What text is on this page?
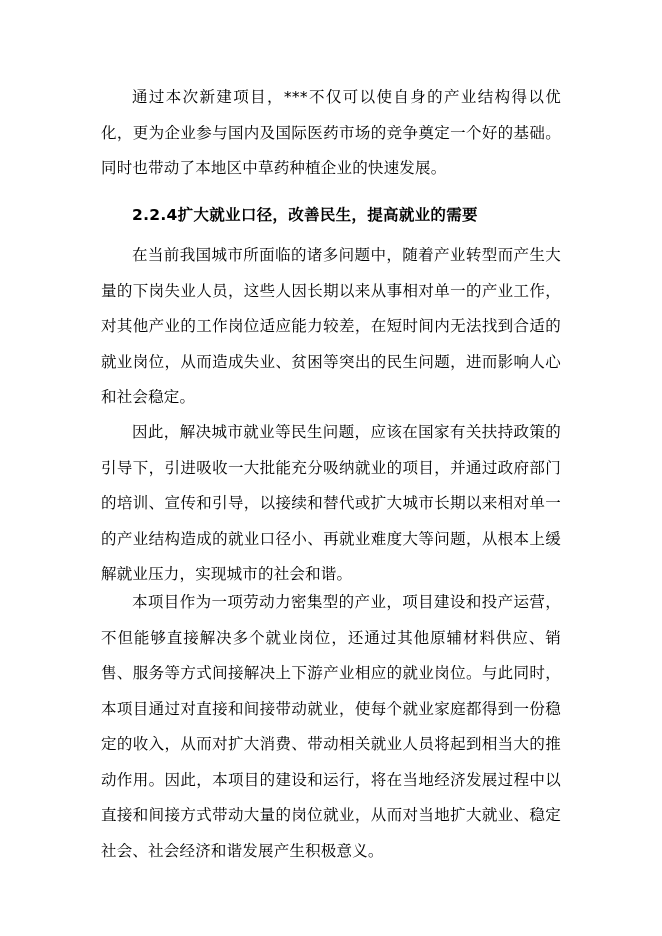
通过本次新建项目，***不仅可以使自身的产业结构得以优化，更为企业参与国内及国际医药市场的竞争奠定一个好的基础。同时也带动了本地区中草药种植企业的快速发展。

2.2.4扩大就业口径，改善民生，提高就业的需要

在当前我国城市所面临的诸多问题中，随着产业转型而产生大量的下岗失业人员，这些人因长期以来从事相对单一的产业工作，对其他产业的工作岗位适应能力较差，在短时间内无法找到合适的就业岗位，从而造成失业、贫困等突出的民生问题，进而影响人心和社会稳定。

因此，解决城市就业等民生问题，应该在国家有关扶持政策的引导下，引进吸收一大批能充分吸纳就业的项目，并通过政府部门的培训、宣传和引导，以接续和替代或扩大城市长期以来相对单一的产业结构造成的就业口径小、再就业难度大等问题，从根本上缓解就业压力，实现城市的社会和谐。

本项目作为一项劳动力密集型的产业，项目建设和投产运营，不但能够直接解决多个就业岗位，还通过其他原辅材料供应、销售、服务等方式间接解决上下游产业相应的就业岗位。与此同时，本项目通过对直接和间接带动就业，使每个就业家庭都得到一份稳定的收入，从而对扩大消费、带动相关就业人员将起到相当大的推动作用。因此，本项目的建设和运行，将在当地经济发展过程中以直接和间接方式带动大量的岗位就业，从而对当地扩大就业、稳定社会、社会经济和谐发展产生积极意义。
